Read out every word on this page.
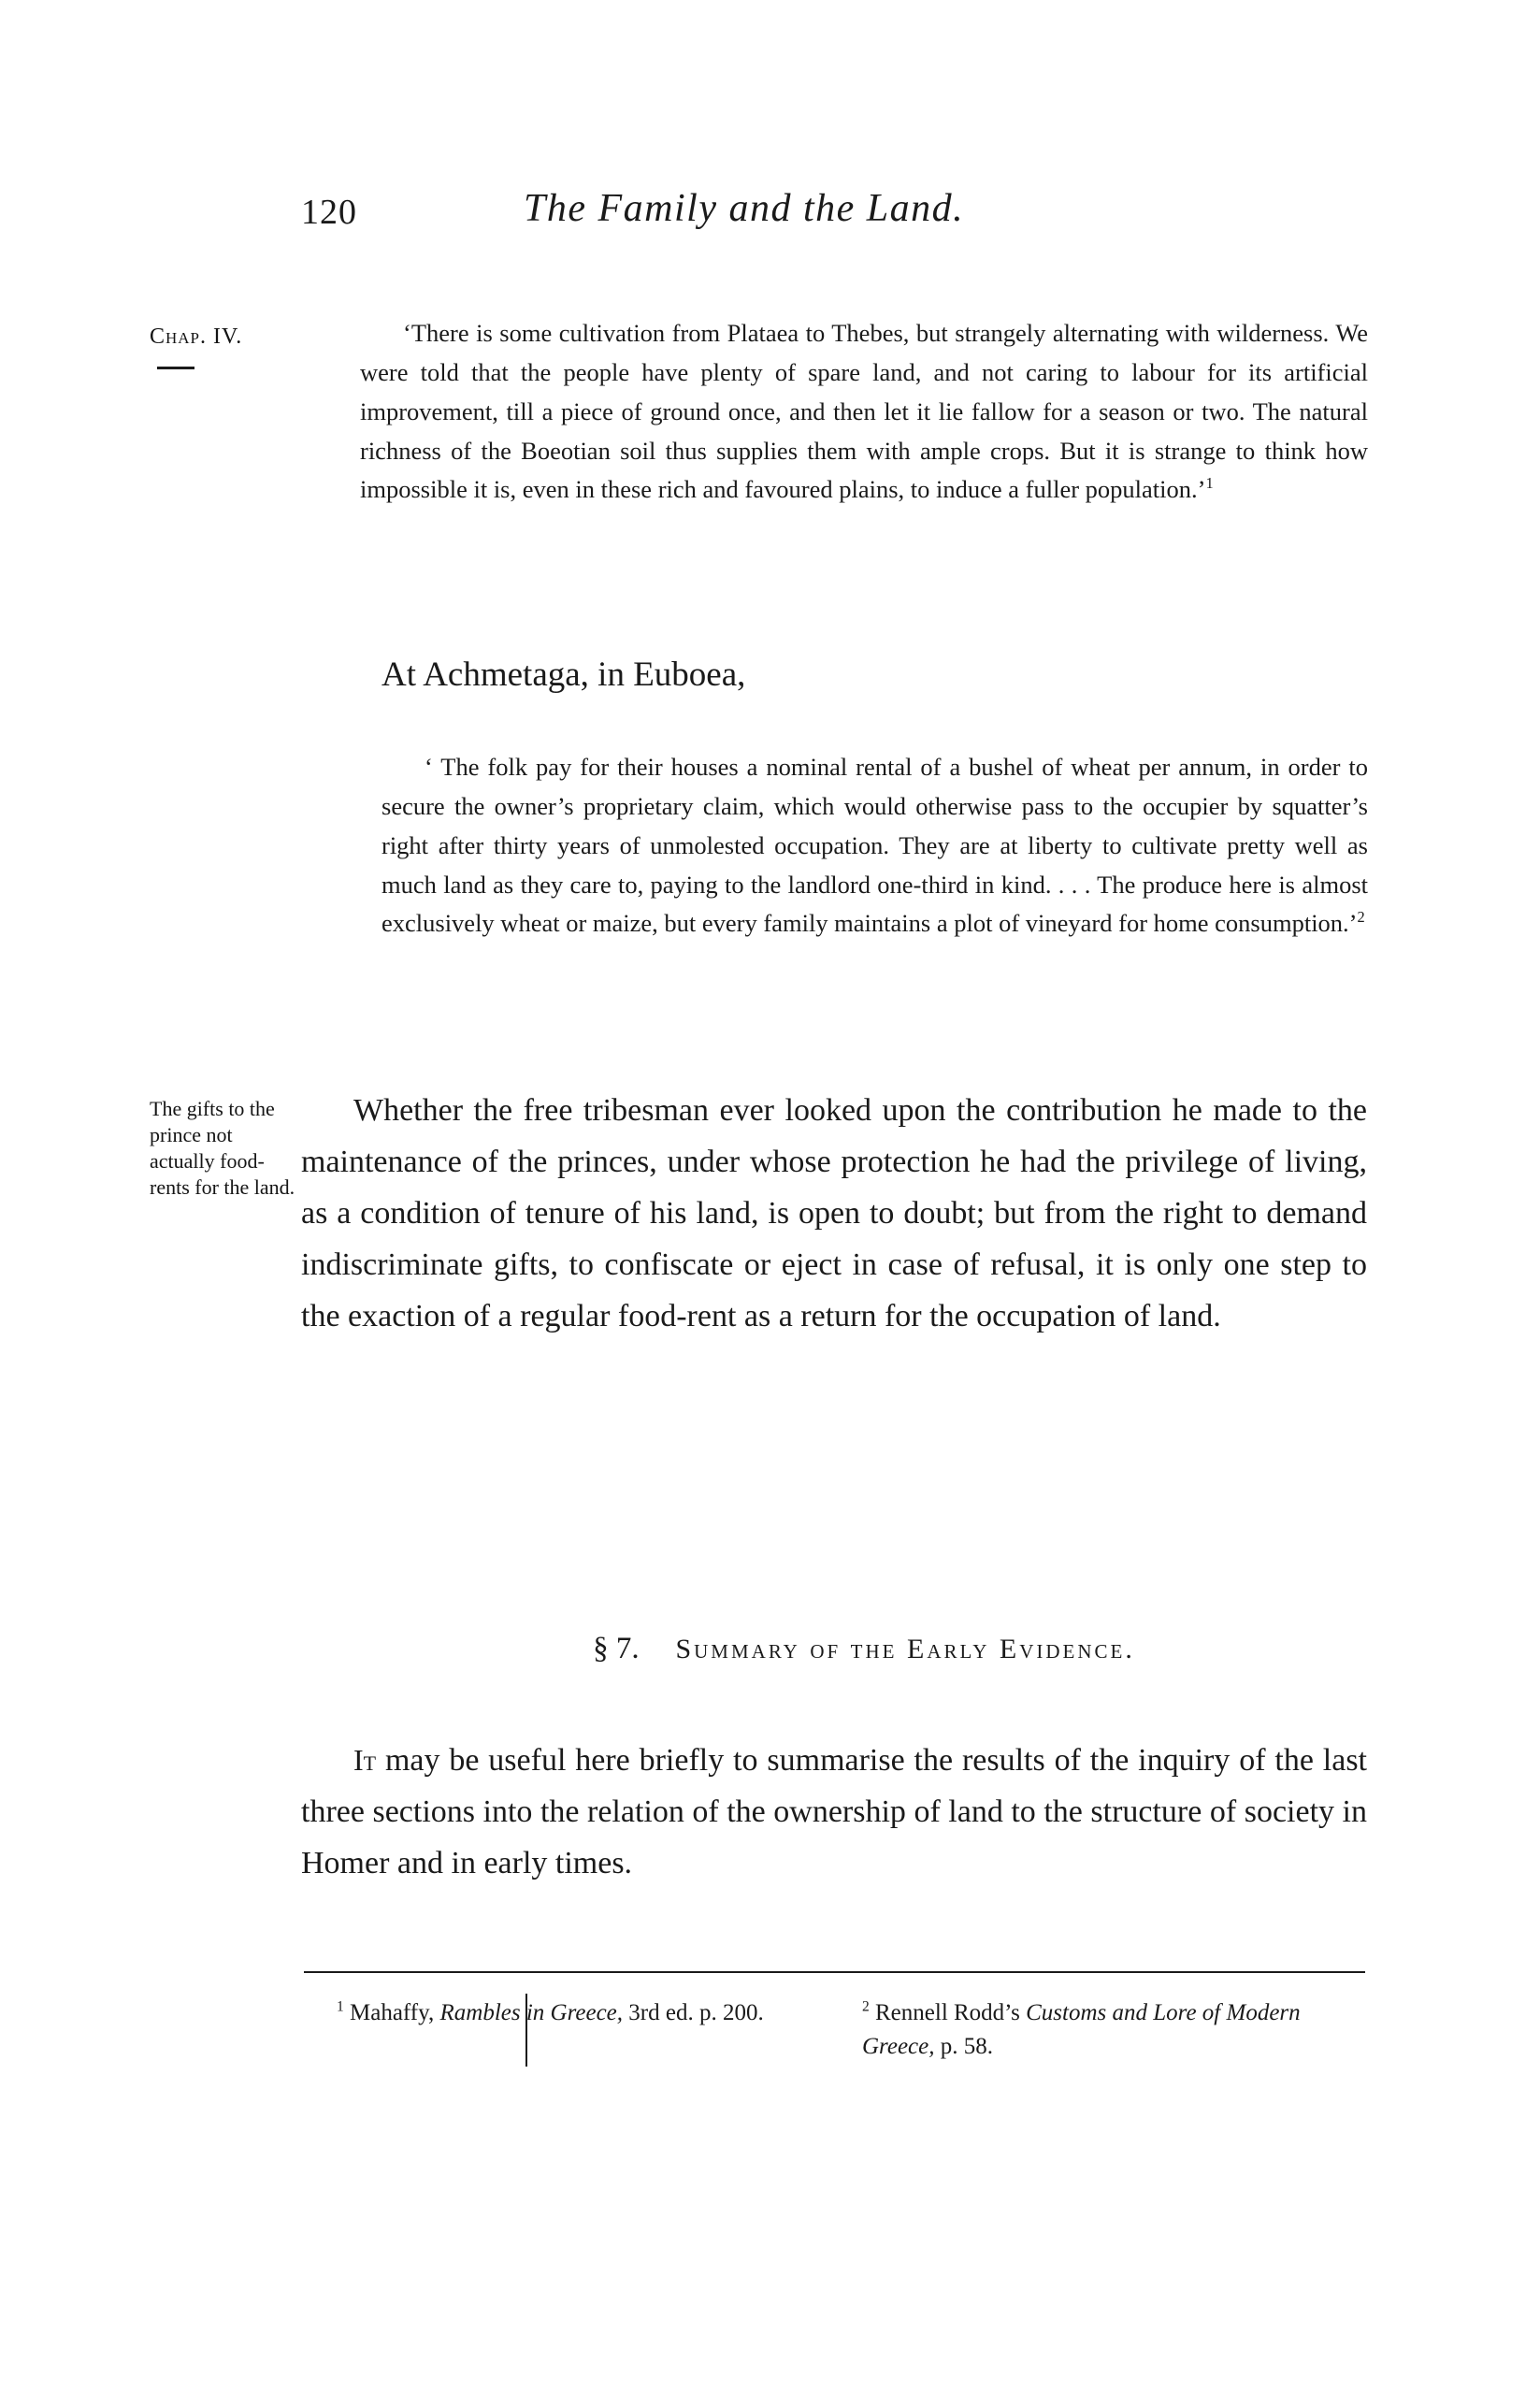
120	The Family and the Land.
Chap. IV.	‘There is some cultivation from Plataea to Thebes, but strangely alternating with wilderness. We were told that the people have plenty of spare land, and not caring to labour for its artificial improvement, till a piece of ground once, and then let it lie fallow for a season or two. The natural richness of the Boeotian soil thus supplies them with ample crops. But it is strange to think how impossible it is, even in these rich and favoured plains, to induce a fuller population.’$^1$
At Achmetaga, in Euboea,
‘ The folk pay for their houses a nominal rental of a bushel of wheat per annum, in order to secure the owner’s proprietary claim, which would otherwise pass to the occupier by squatter’s right after thirty years of unmolested occupation. They are at liberty to cultivate pretty well as much land as they care to, paying to the landlord one-third in kind. . . . The produce here is almost exclusively wheat or maize, but every family maintains a plot of vineyard for home consumption.’$^2$
The gifts to the prince not actually food-rents for the land.
Whether the free tribesman ever looked upon the contribution he made to the maintenance of the princes, under whose protection he had the privilege of living, as a condition of tenure of his land, is open to doubt; but from the right to demand indiscriminate gifts, to confiscate or eject in case of refusal, it is only one step to the exaction of a regular food-rent as a return for the occupation of land.
§ 7. Summary of the Early Evidence.
It may be useful here briefly to summarise the results of the inquiry of the last three sections into the relation of the ownership of land to the structure of society in Homer and in early times.
$^1$ Mahaffy, Rambles in Greece, 3rd ed. p. 200.	$^2$ Rennell Rodd’s Customs and Lore of Modern Greece, p. 58.
